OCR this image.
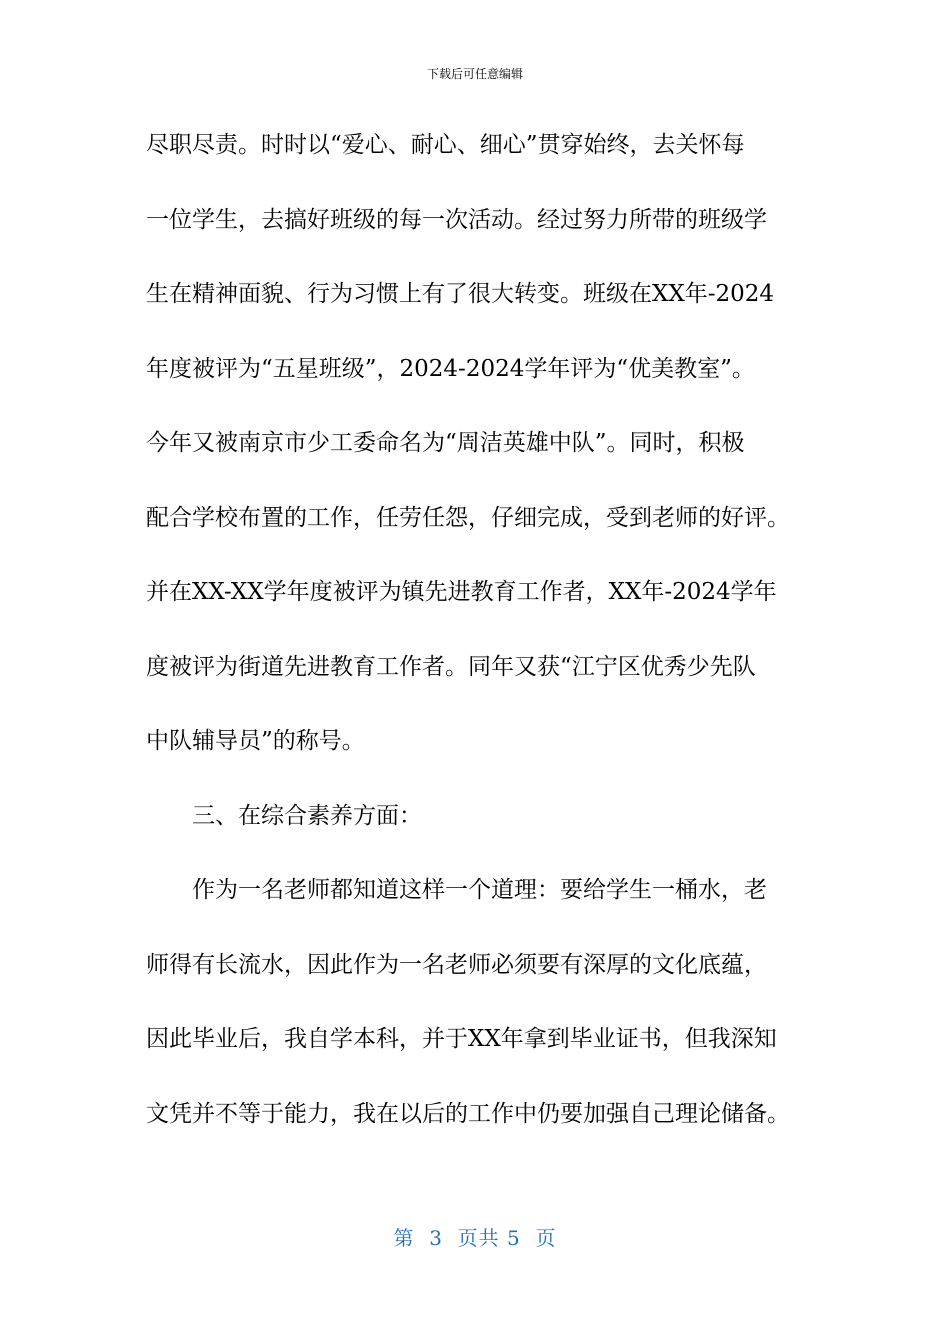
下载后可任意编辑
尽职尽责。时时以“爱心、耐心、细心”贯穿始终，去关怀每
一位学生，去搞好班级的每一次活动。经过努力所带的班级学
生在精神面貌、行为习惯上有了很大转变。班级在XX年-2024
年度被评为“五星班级”，2024-2024学年评为“优美教室”。
今年又被南京市少工委命名为“周洁英雄中队”。同时，积极
配合学校布置的工作，任劳任怨，仔细完成，受到老师的好评。
并在XX-XX学年度被评为镇先进教育工作者，XX年-2024学年
度被评为街道先进教育工作者。同年又获“江宁区优秀少先队
中队辅导员”的称号。
三、在综合素养方面：
作为一名老师都知道这样一个道理：要给学生一桶水，老
师得有长流水，因此作为一名老师必须要有深厚的文化底蕴，
因此毕业后，我自学本科，并于XX年拿到毕业证书，但我深知
文凭并不等于能力，我在以后的工作中仍要加强自己理论储备。
第  3  页共 5  页
